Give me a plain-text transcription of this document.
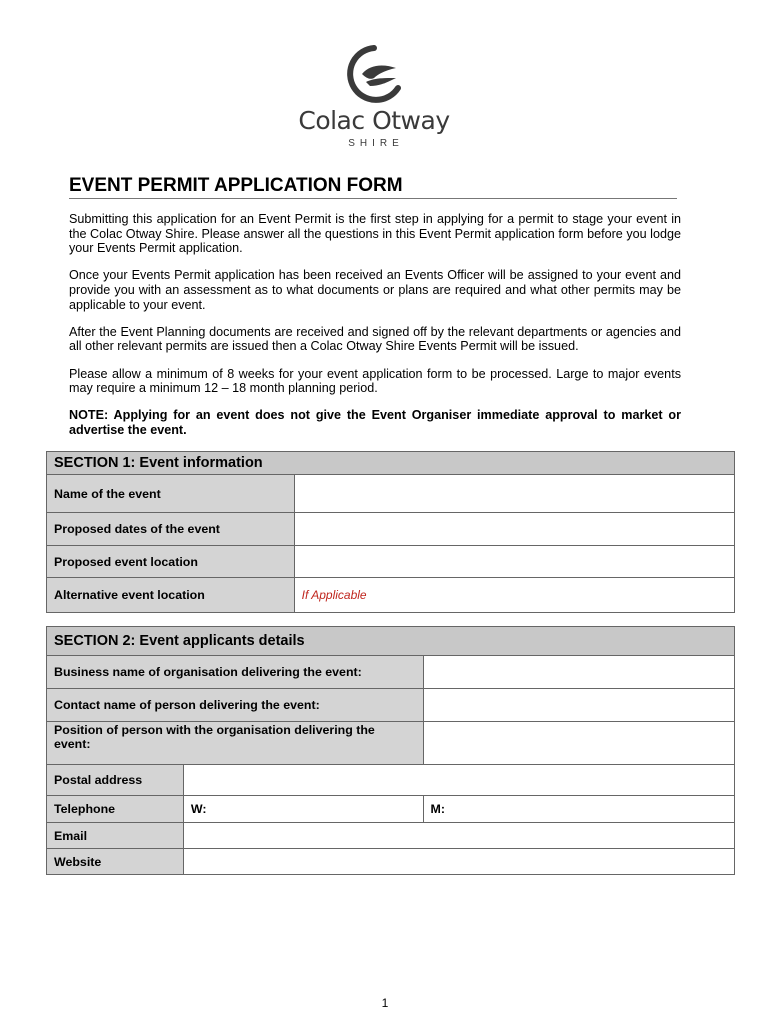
Colac Otway
SHIRE
EVENT PERMIT APPLICATION FORM

Submitting this application for an Event Permit is the first step in applying for a permit to stage your event in the Colac Otway Shire. Please answer all the questions in this Event Permit application form before you lodge your Events Permit application.

Once your Events Permit application has been received an Events Officer will be assigned to your event and provide you with an assessment as to what documents or plans are required and what other permits may be applicable to your event.

After the Event Planning documents are received and signed off by the relevant departments or agencies and all other relevant permits are issued then a Colac Otway Shire Events Permit will be issued.

Please allow a minimum of 8 weeks for your event application form to be processed. Large to major events may require a minimum 12 – 18 month planning period.

NOTE: Applying for an event does not give the Event Organiser immediate approval to market or advertise the event.

SECTION 1: Event information	
Name of the event	
Proposed dates of the event	
Proposed event location	
Alternative event location	If Applicable
SECTION 2: Event applicants details		
Business name of organisation delivering the event:		
Contact name of person delivering the event:		
Position of person with the organisation delivering the event:		
Postal address		
Telephone	W:	M:
Email		
Website		
1
